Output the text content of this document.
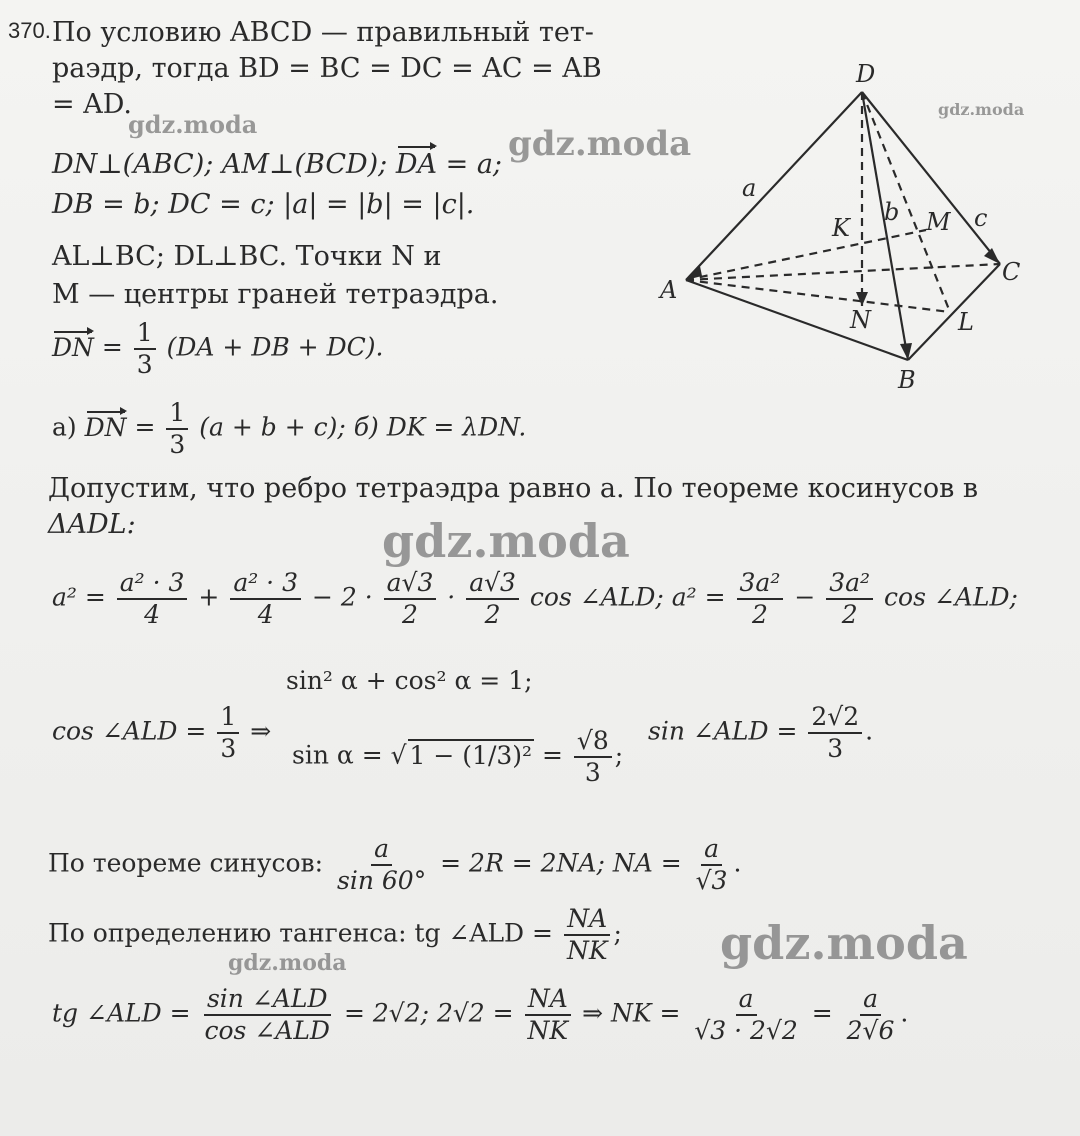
370. По условию ABCD — правильный тет-
раэдр, тогда BD = BC = DC = AC = AB
= AD.
DN⊥(ABC); AM⊥(BCD); DA = a;
DB = b; DC = c; |a| = |b| = |c|.
AL⊥BC; DL⊥BC. Точки N и
M — центры граней тетраэдра.
DN = $\frac{1}{3} (DA$ + DB + DC).
а) DN = $\frac{1}{3} (a + b + c)$; б) DK = λDN.
Допустим, что ребро тетраэдра равно a. По теореме косинусов в
ΔADL:
$a^2 = \frac{\text{a² · 3}}{4} + \frac{\text{a² · 3}}{4} - 2 \cdot \frac{a√3}{2} \cdot \frac{a√3}{2}$ cos ∠ALD; $a^2 = \frac{\text{3a²}}{2} - \frac{\text{3a²}}{2}$ cos ∠ALD;
sin² α + cos² α = 1;
cos ∠ALD = $\frac{1}{3}$ ⇒
sin α = √ $1 - (1/3)^2 = \frac{√8}{3}$ ;
sin ∠ALD = $\frac{2√2}{3}$ .
По теореме синусов: $\frac{a}{\sin 60^\circ} = 2R = 2NA$; NA = $\frac{a}{√3}$ .
По определению тангенса: tg ∠ALD = $\frac{NA}{NK}$ ;
tg ∠ALD = $\frac{\text{sin ∠ALD}}{\text{cos ∠ALD}} = 2√2$; $2√2 = \frac{NA}{NK}$ ⇒ NK = $\frac{a}{√3 \cdot 2√2} = \frac{a}{2√6}$ .
D
A
B
C
K	M
N	L
a
b	c
gdz.moda	gdz.moda
gdz.moda
gdz.moda
gdz.moda
gdz.moda
